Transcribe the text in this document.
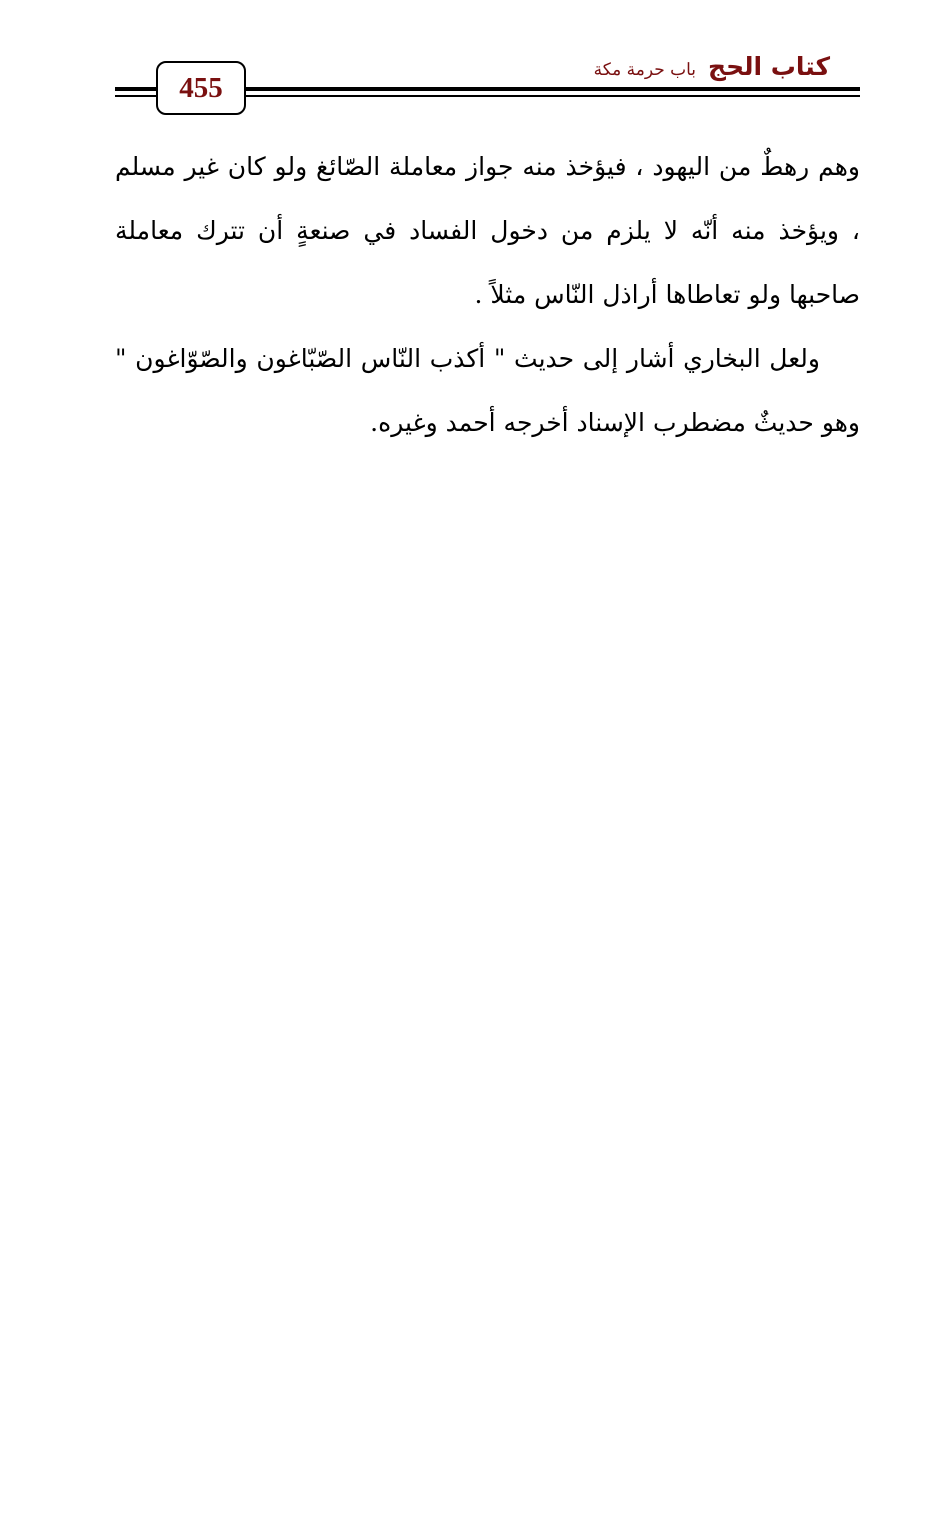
كتاب الحج
باب حرمة مكة
455

وهم رهطٌ من اليهود ، فيؤخذ منه جواز معاملة الصّائغ ولو كان غير مسلم ، ويؤخذ منه أنّه لا يلزم من دخول الفساد في صنعةٍ أن تترك معاملة صاحبها ولو تعاطاها أراذل النّاس مثلاً .

ولعل البخاري أشار إلى حديث " أكذب النّاس الصّبّاغون والصّوّاغون " وهو حديثٌ مضطرب الإسناد أخرجه أحمد وغيره.
